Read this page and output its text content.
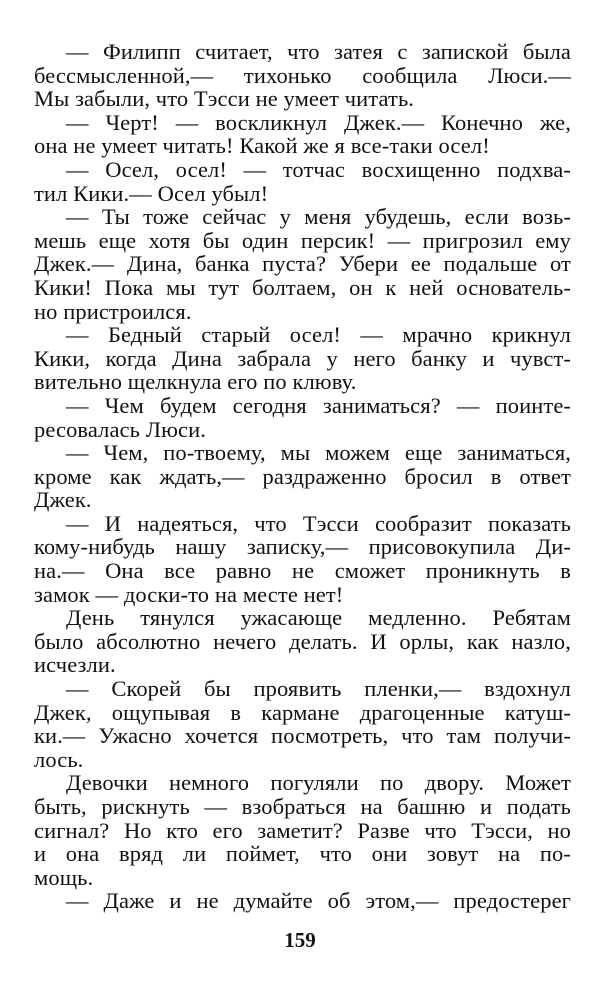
— Филипп считает, что затея с запиской была
бессмысленной,— тихонько сообщила Люси.—
Мы забыли, что Тэсси не умеет читать.
— Черт! — воскликнул Джек.— Конечно же,
она не умеет читать! Какой же я все-таки осел!
— Осел, осел! — тотчас восхищенно подхва-
тил Кики.— Осел убыл!
— Ты тоже сейчас у меня убудешь, если возь-
мешь еще хотя бы один персик! — пригрозил ему
Джек.— Дина, банка пуста? Убери ее подальше от
Кики! Пока мы тут болтаем, он к ней основатель-
но пристроился.
— Бедный старый осел! — мрачно крикнул
Кики, когда Дина забрала у него банку и чувст-
вительно щелкнула его по клюву.
— Чем будем сегодня заниматься? — поинте-
ресовалась Люси.
— Чем, по-твоему, мы можем еще заниматься,
кроме как ждать,— раздраженно бросил в ответ
Джек.
— И надеяться, что Тэсси сообразит показать
кому-нибудь нашу записку,— присовокупила Ди-
на.— Она все равно не сможет проникнуть в
замок — доски-то на месте нет!
День тянулся ужасающе медленно. Ребятам
было абсолютно нечего делать. И орлы, как назло,
исчезли.
— Скорей бы проявить пленки,— вздохнул
Джек, ощупывая в кармане драгоценные катуш-
ки.— Ужасно хочется посмотреть, что там получи-
лось.
Девочки немного погуляли по двору. Может
быть, рискнуть — взобраться на башню и подать
сигнал? Но кто его заметит? Разве что Тэсси, но
и она вряд ли поймет, что они зовут на по-
мощь.
— Даже и не думайте об этом,— предостерег
159
